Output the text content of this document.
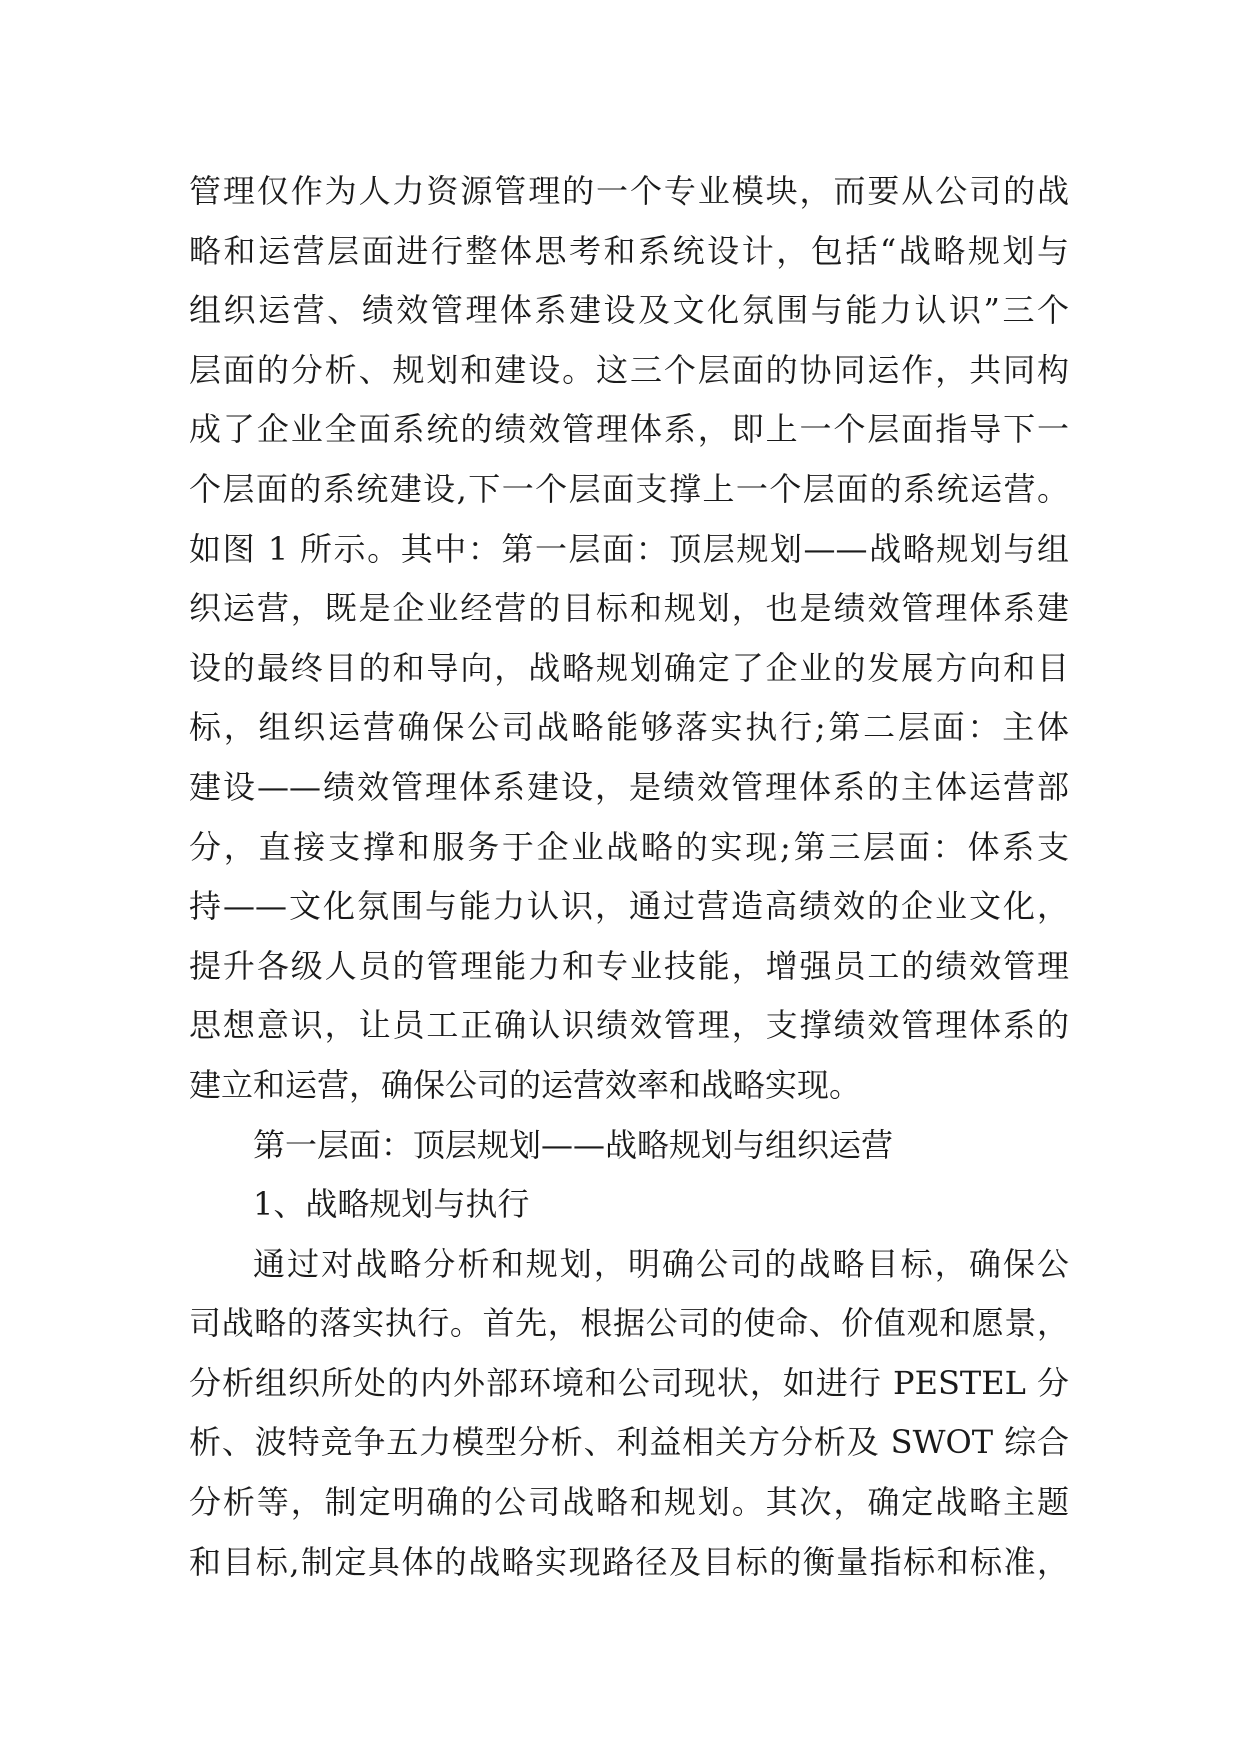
管理仅作为人力资源管理的一个专业模块，而要从公司的战
略和运营层面进行整体思考和系统设计，包括“战略规划与
组织运营、绩效管理体系建设及文化氛围与能力认识”三个
层面的分析、规划和建设。这三个层面的协同运作，共同构
成了企业全面系统的绩效管理体系，即上一个层面指导下一
个层面的系统建设,下一个层面支撑上一个层面的系统运营。
如图 1 所示。其中：第一层面：顶层规划——战略规划与组
织运营，既是企业经营的目标和规划，也是绩效管理体系建
设的最终目的和导向，战略规划确定了企业的发展方向和目
标，组织运营确保公司战略能够落实执行;第二层面：主体
建设——绩效管理体系建设，是绩效管理体系的主体运营部
分，直接支撑和服务于企业战略的实现;第三层面：体系支
持——文化氛围与能力认识，通过营造高绩效的企业文化，
提升各级人员的管理能力和专业技能，增强员工的绩效管理
思想意识，让员工正确认识绩效管理，支撑绩效管理体系的
建立和运营，确保公司的运营效率和战略实现。
第一层面：顶层规划——战略规划与组织运营
1、战略规划与执行
通过对战略分析和规划，明确公司的战略目标，确保公
司战略的落实执行。首先，根据公司的使命、价值观和愿景，
分析组织所处的内外部环境和公司现状，如进行 PESTEL 分
析、波特竞争五力模型分析、利益相关方分析及 SWOT 综合
分析等，制定明确的公司战略和规划。其次，确定战略主题
和目标,制定具体的战略实现路径及目标的衡量指标和标准，
